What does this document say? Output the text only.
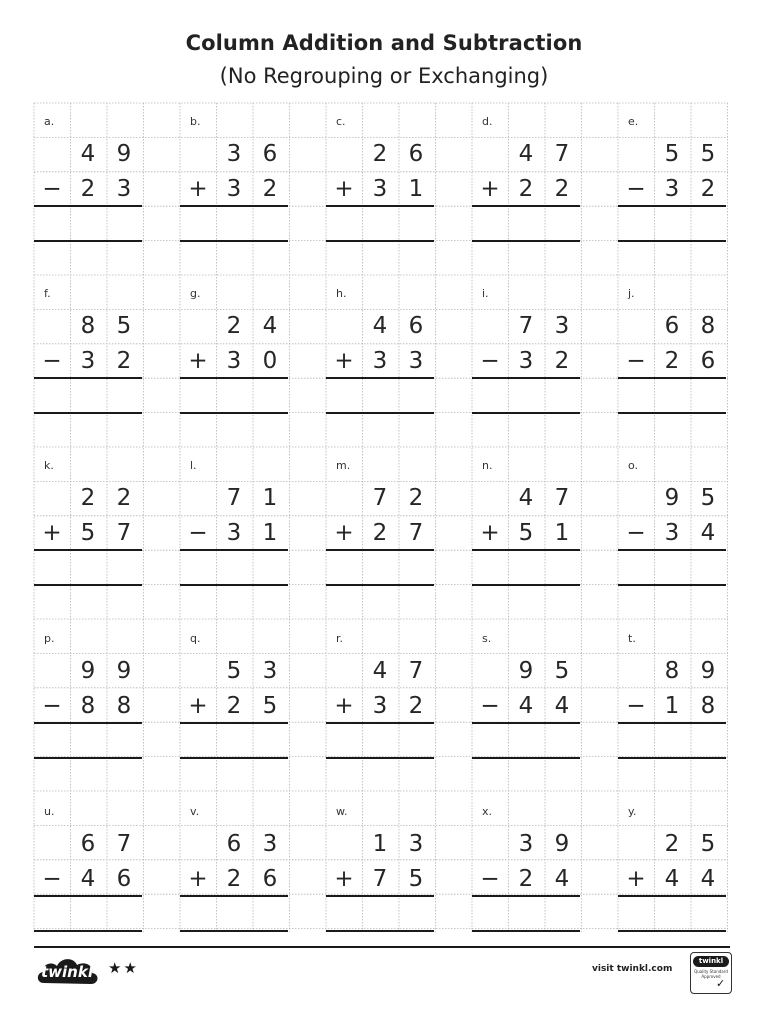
Column Addition and Subtraction
(No Regrouping or Exchanging)
a.
4 9
− 2 3
b.
3 6
+ 3 2
c.
2 6
+ 3 1
d.
4 7
+ 2 2
e.
5 5
− 3 2
f.
8 5
− 3 2
g.
2 4
+ 3 0
h.
4 6
+ 3 3
i.
7 3
− 3 2
j.
6 8
− 2 6
k.
2 2
+ 5 7
l.
7 1
− 3 1
m.
7 2
+ 2 7
n.
4 7
+ 5 1
o.
9 5
− 3 4
p.
9 9
− 8 8
q.
5 3
+ 2 5
r.
4 7
+ 3 2
s.
9 5
− 4 4
t.
8 9
− 1 8
u.
6 7
− 4 6
v.
6 3
+ 2 6
w.
1 3
+ 7 5
x.
3 9
− 2 4
y.
2 5
+ 4 4
twinkl	★★	visit twinkl.com
twinkl
Quality Standard Approved
✓
